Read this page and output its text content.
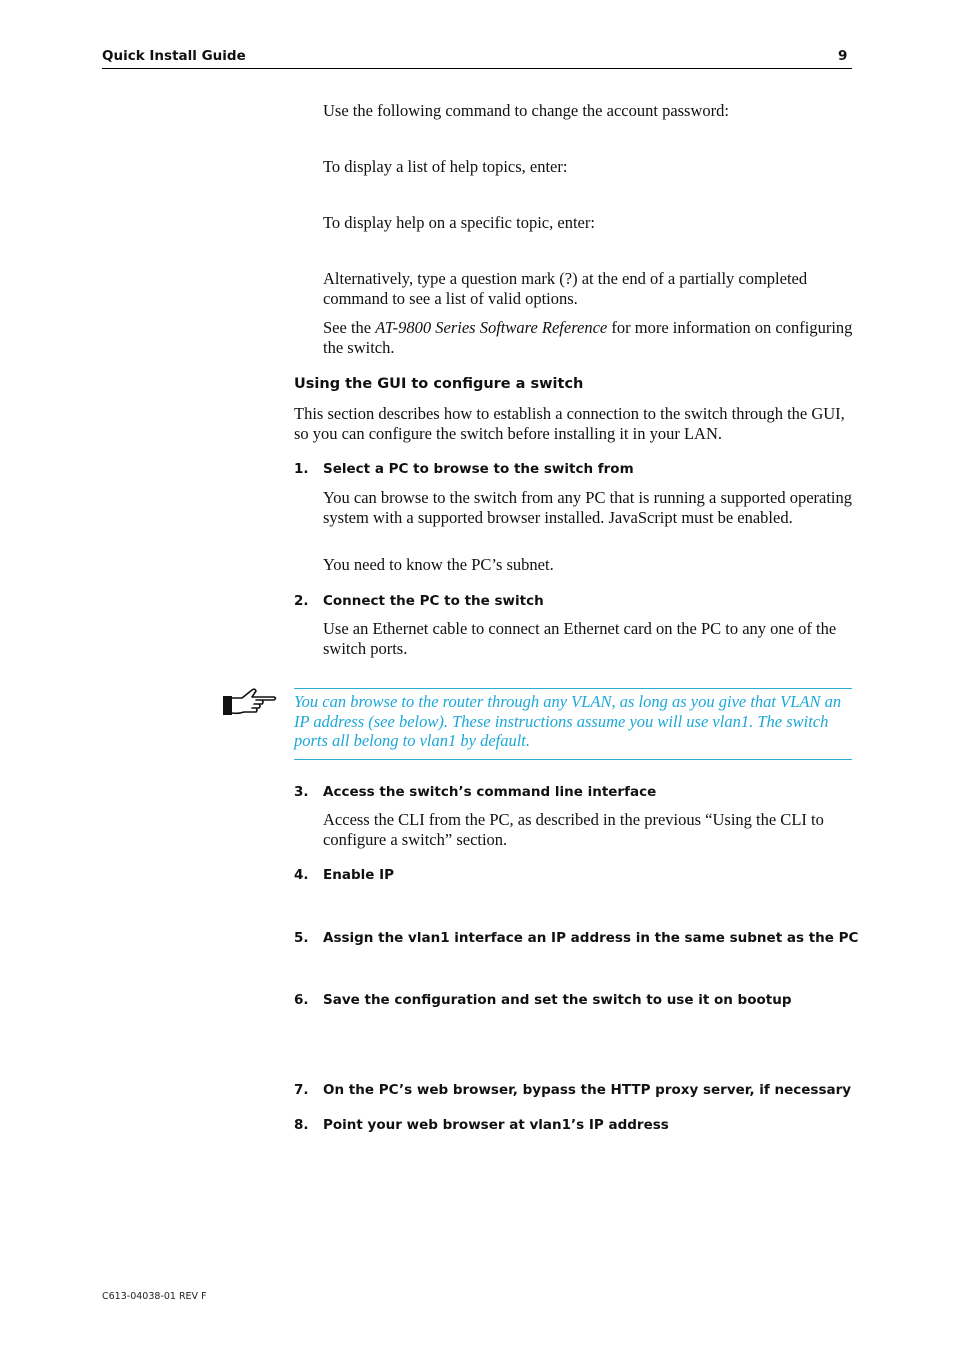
Quick Install Guide	9
Use the following command to change the account password:
To display a list of help topics, enter:
To display help on a specific topic, enter:
Alternatively, type a question mark (?) at the end of a partially completed command to see a list of valid options.
See the AT-9800 Series Software Reference for more information on configuring the switch.
Using the GUI to configure a switch
This section describes how to establish a connection to the switch through the GUI, so you can configure the switch before installing it in your LAN.
1. Select a PC to browse to the switch from
You can browse to the switch from any PC that is running a supported operating system with a supported browser installed. JavaScript must be enabled.
You need to know the PC’s subnet.
2. Connect the PC to the switch
Use an Ethernet cable to connect an Ethernet card on the PC to any one of the switch ports.
You can browse to the router through any VLAN, as long as you give that VLAN an IP address (see below). These instructions assume you will use vlan1. The switch ports all belong to vlan1 by default.
3. Access the switch’s command line interface
Access the CLI from the PC, as described in the previous “Using the CLI to configure a switch” section.
4. Enable IP
5. Assign the vlan1 interface an IP address in the same subnet as the PC
6. Save the configuration and set the switch to use it on bootup
7. On the PC’s web browser, bypass the HTTP proxy server, if necessary
8. Point your web browser at vlan1’s IP address
C613-04038-01 REV F
